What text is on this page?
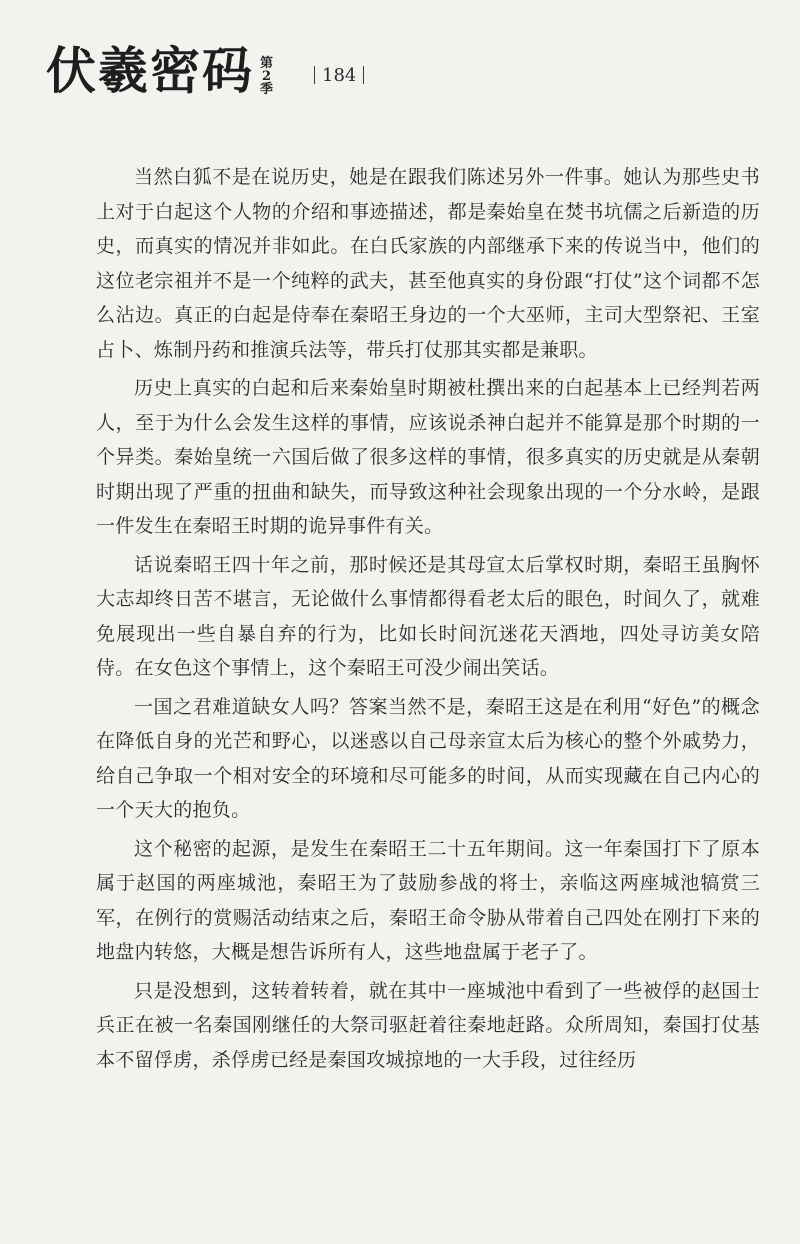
伏羲密码 第
2
季
184

当然白狐不是在说历史，她是在跟我们陈述另外一件事。她认为那些史书上对于白起这个人物的介绍和事迹描述，都是秦始皇在焚书坑儒之后新造的历史，而真实的情况并非如此。在白氏家族的内部继承下来的传说当中，他们的这位老宗祖并不是一个纯粹的武夫，甚至他真实的身份跟“打仗”这个词都不怎么沾边。真正的白起是侍奉在秦昭王身边的一个大巫师，主司大型祭祀、王室占卜、炼制丹药和推演兵法等，带兵打仗那其实都是兼职。

历史上真实的白起和后来秦始皇时期被杜撰出来的白起基本上已经判若两人，至于为什么会发生这样的事情，应该说杀神白起并不能算是那个时期的一个异类。秦始皇统一六国后做了很多这样的事情，很多真实的历史就是从秦朝时期出现了严重的扭曲和缺失，而导致这种社会现象出现的一个分水岭，是跟一件发生在秦昭王时期的诡异事件有关。

话说秦昭王四十年之前，那时候还是其母宣太后掌权时期，秦昭王虽胸怀大志却终日苦不堪言，无论做什么事情都得看老太后的眼色，时间久了，就难免展现出一些自暴自弃的行为，比如长时间沉迷花天酒地，四处寻访美女陪侍。在女色这个事情上，这个秦昭王可没少闹出笑话。

一国之君难道缺女人吗？答案当然不是，秦昭王这是在利用“好色”的概念在降低自身的光芒和野心，以迷惑以自己母亲宣太后为核心的整个外戚势力，给自己争取一个相对安全的环境和尽可能多的时间，从而实现藏在自己内心的一个天大的抱负。

这个秘密的起源，是发生在秦昭王二十五年期间。这一年秦国打下了原本属于赵国的两座城池，秦昭王为了鼓励参战的将士，亲临这两座城池犒赏三军，在例行的赏赐活动结束之后，秦昭王命令胁从带着自己四处在刚打下来的地盘内转悠，大概是想告诉所有人，这些地盘属于老子了。

只是没想到，这转着转着，就在其中一座城池中看到了一些被俘的赵国士兵正在被一名秦国刚继任的大祭司驱赶着往秦地赶路。众所周知，秦国打仗基本不留俘虏，杀俘虏已经是秦国攻城掠地的一大手段，过往经历
